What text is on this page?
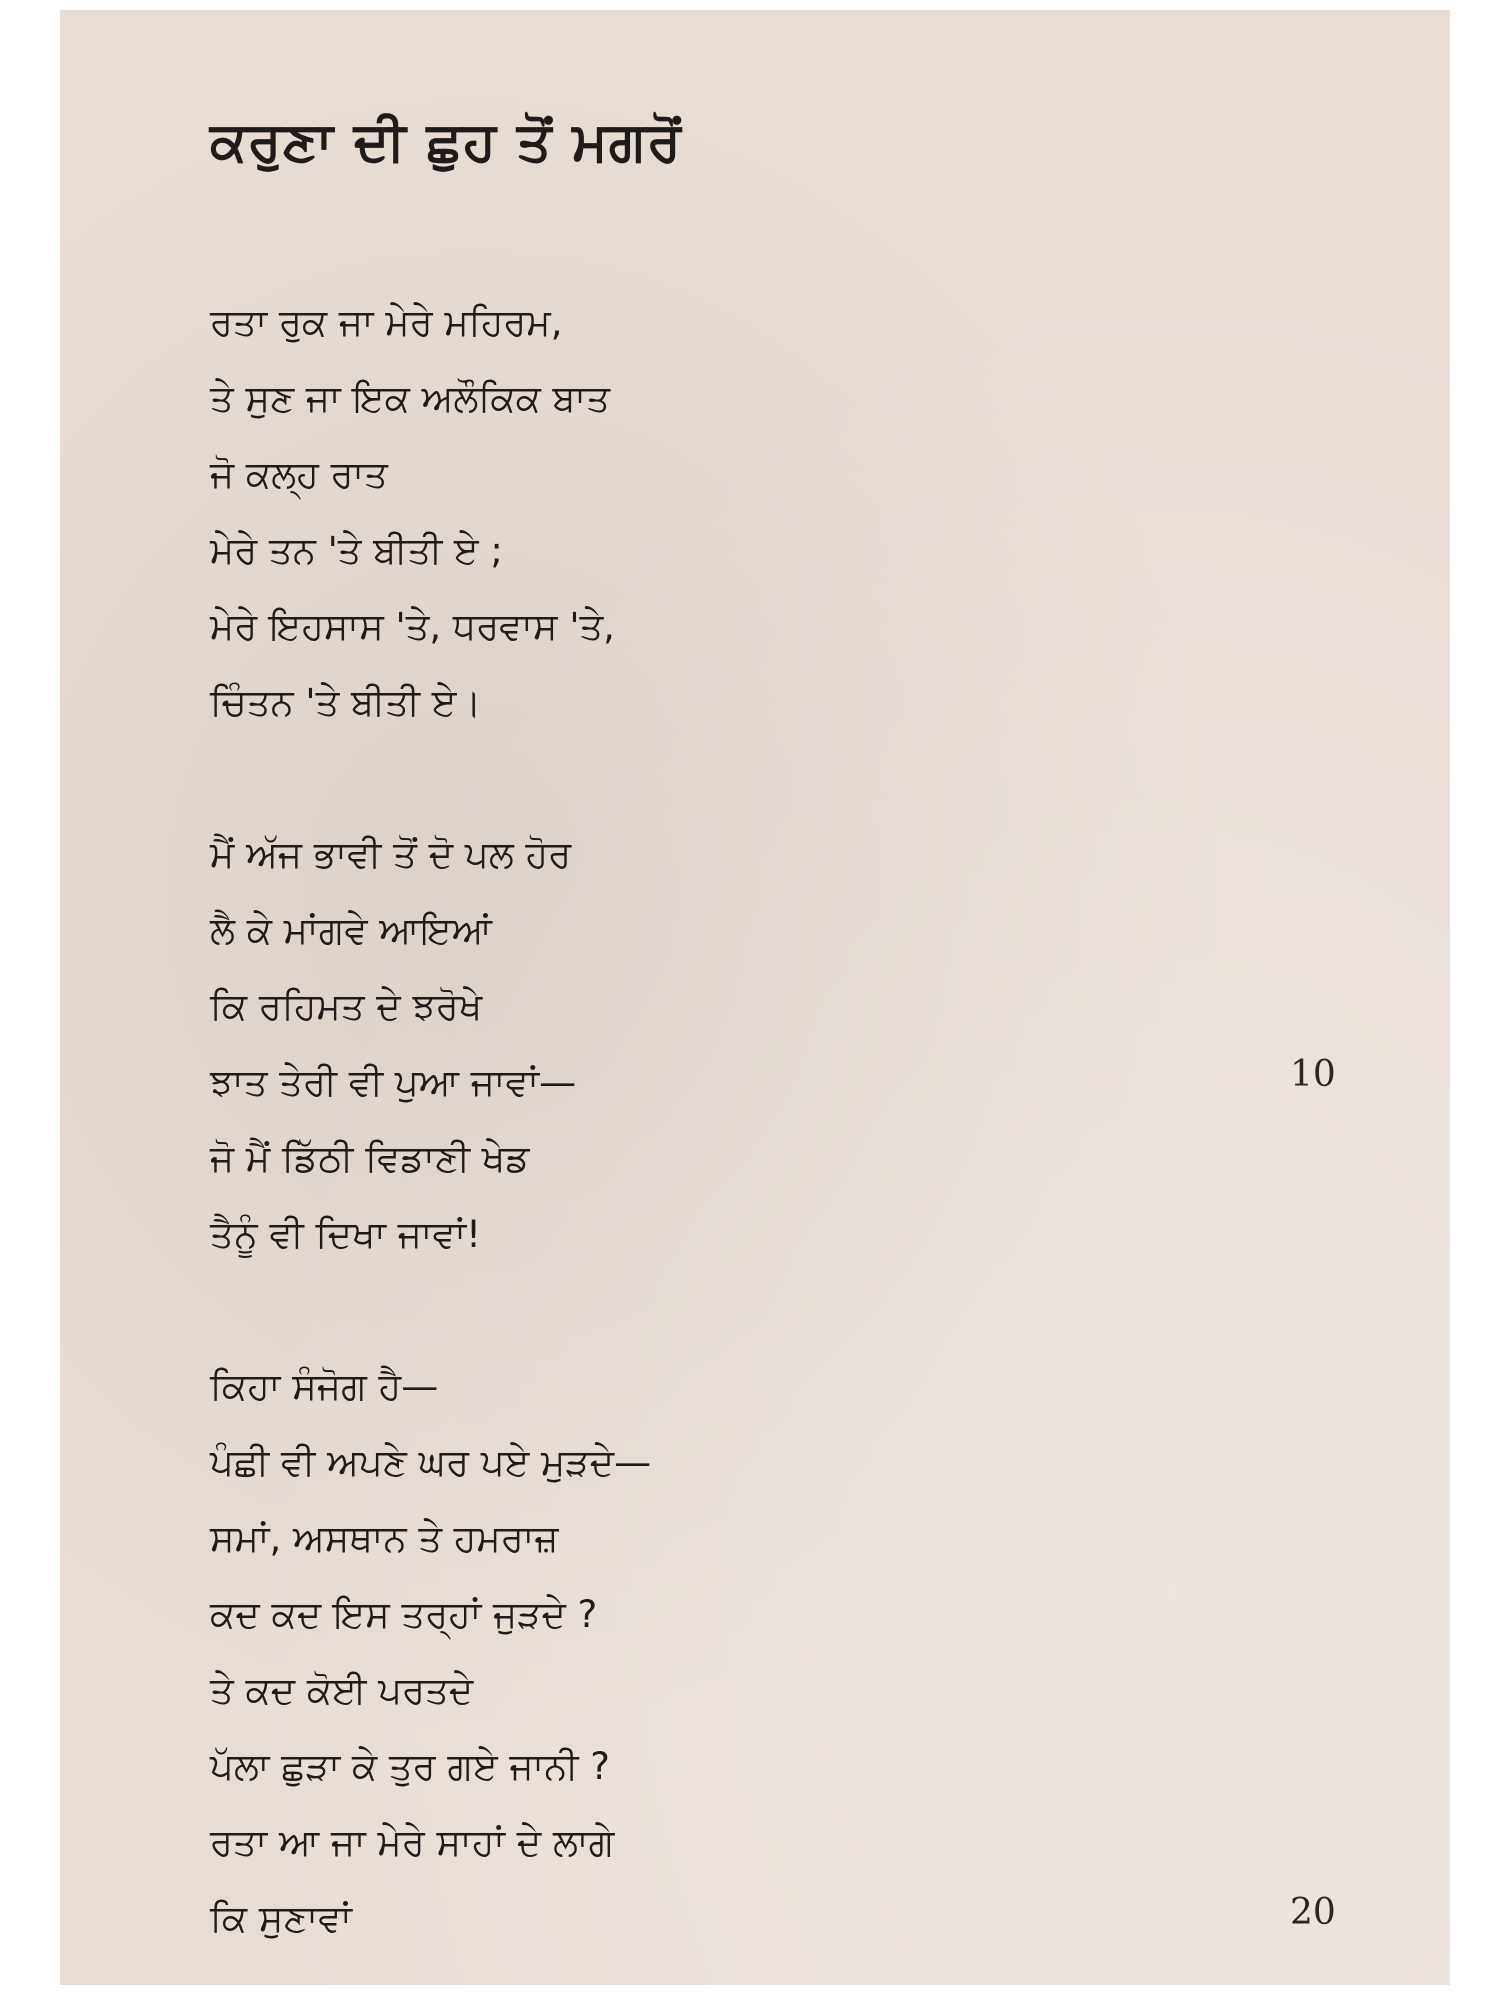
ਕਰੁਣਾ ਦੀ ਛੁਹ ਤੋਂ ਮਗਰੋਂ
ਰਤਾ ਰੁਕ ਜਾ ਮੇਰੇ ਮਹਿਰਮ,
ਤੇ ਸੁਣ ਜਾ ਇਕ ਅਲੌਕਿਕ ਬਾਤ
ਜੋ ਕਲ੍ਹ ਰਾਤ
ਮੇਰੇ ਤਨ 'ਤੇ ਬੀਤੀ ਏ ;
ਮੇਰੇ ਇਹਸਾਸ 'ਤੇ, ਧਰਵਾਸ 'ਤੇ,
ਚਿੰਤਨ 'ਤੇ ਬੀਤੀ ਏ।
ਮੈਂ ਅੱਜ ਭਾਵੀ ਤੋਂ ਦੋ ਪਲ ਹੋਰ
ਲੈ ਕੇ ਮਾਂਗਵੇ ਆਇਆਂ
ਕਿ ਰਹਿਮਤ ਦੇ ਝਰੋਖੇ
ਝਾਤ ਤੇਰੀ ਵੀ ਪੁਆ ਜਾਵਾਂ—
ਜੋ ਮੈਂ ਡਿੱਠੀ ਵਿਡਾਣੀ ਖੇਡ
ਤੈਨੂੰ ਵੀ ਦਿਖਾ ਜਾਵਾਂ!
ਕਿਹਾ ਸੰਜੋਗ ਹੈ—
ਪੰਛੀ ਵੀ ਅਪਣੇ ਘਰ ਪਏ ਮੁੜਦੇ—
ਸਮਾਂ, ਅਸਥਾਨ ਤੇ ਹਮਰਾਜ਼
ਕਦ ਕਦ ਇਸ ਤਰ੍ਹਾਂ ਜੁੜਦੇ ?
ਤੇ ਕਦ ਕੋਈ ਪਰਤਦੇ
ਪੱਲਾ ਛੁੜਾ ਕੇ ਤੁਰ ਗਏ ਜਾਨੀ ?
ਰਤਾ ਆ ਜਾ ਮੇਰੇ ਸਾਹਾਂ ਦੇ ਲਾਗੇ
ਕਿ ਸੁਣਾਵਾਂ
10
20
